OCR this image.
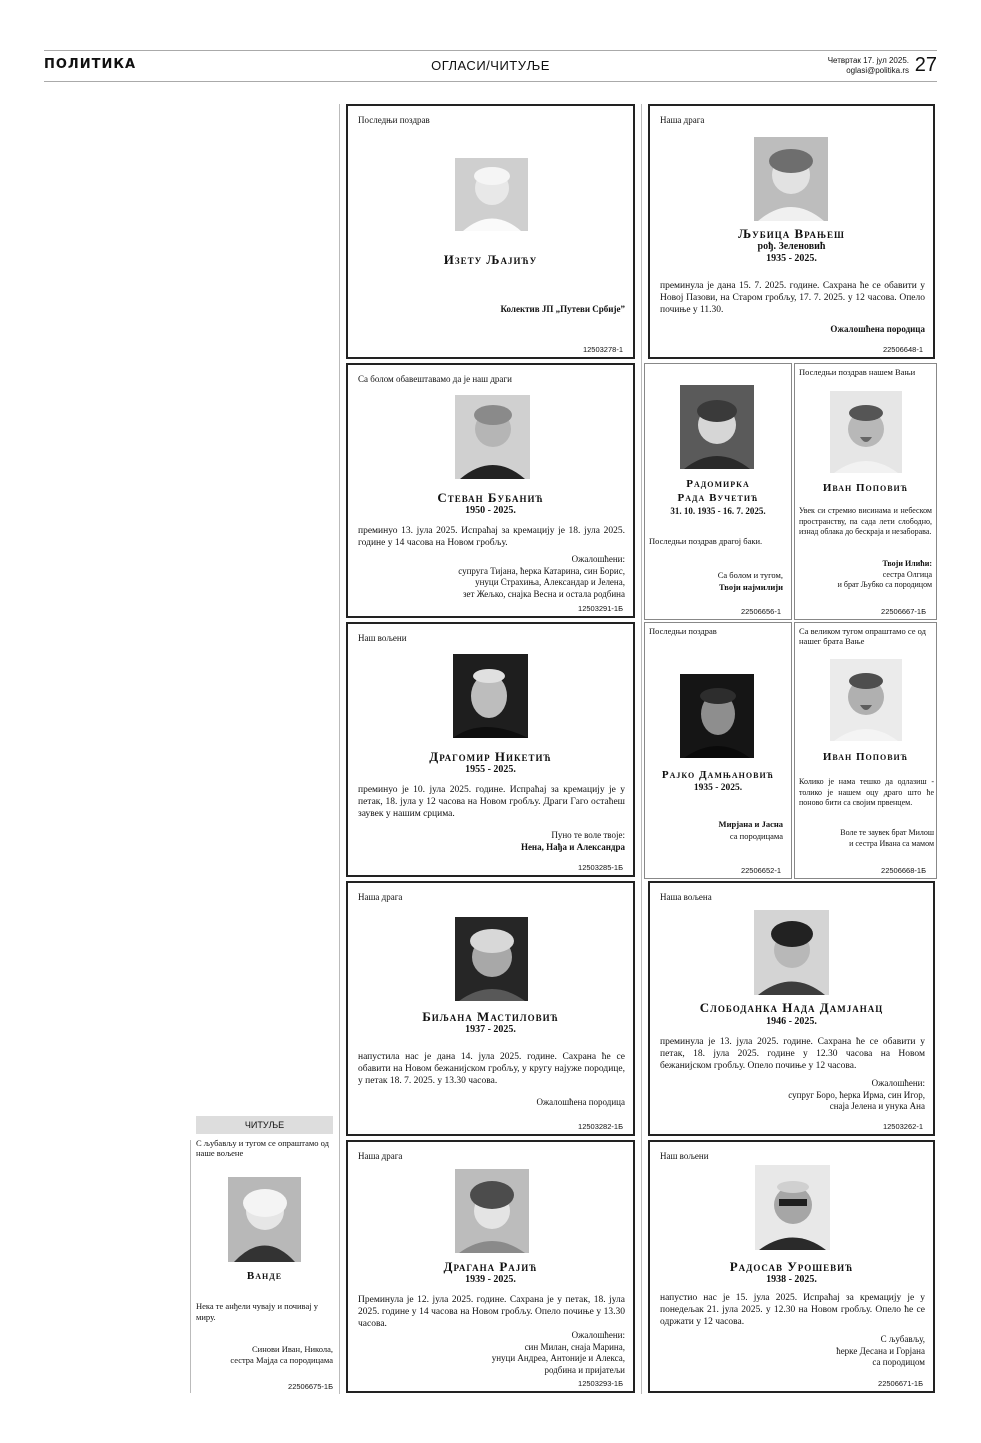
ПОЛИТИКА	ОГЛАСИ/ЧИТУЉЕ	Четвртак 17. јул 2025.
oglasi@politika.rs 27
ЧИТУЉЕ
С љубављу и тугом се опраштамо од наше вољене
Ванде
Нека те анђели чувају и почивај у миру.
Синови Иван, Никола,
сестра Мајда са породицама
22506675-1Б
Последњи поздрав
Изету Љајићу
Колектив ЈП „Путеви Србије”
12503278-1
Наша драга
Љубица Врањеш
рођ. Зеленовић
1935 - 2025.
преминула је дана 15. 7. 2025. године. Сахрана ће се обавити у Новој Пазови, на Старом гробљу, 17. 7. 2025. у 12 часова. Опело почиње у 11.30.
Ожалошћена породица
22506648-1
Са болом обавештавамо да је наш драги
Стеван Бубанић
1950 - 2025.
преминуо 13. јула 2025. Испраћај за кремацију је 18. јула 2025. године у 14 часова на Новом гробљу.
Ожалошћени:
супруга Тијана, ћерка Катарина, син Борис,
унуци Страхиња, Александар и Јелена,
зет Жељко, снајка Весна и остала родбина
12503291-1Б
Радомирка
Рада Вучетић
31. 10. 1935 - 16. 7. 2025.
Последњи поздрав драгој баки.
Са болом и тугом,
Твоји најмилији
22506656-1
Последњи поздрав нашем Вањи
Иван Поповић
Увек си стремио висинама и небеском пространству, па сада лети слободно, изнад облака до бескраја и незаборава.
Твоји Илићи:
сестра Олгица
и брат Љубко са породицом
22506667-1Б
Наш вољени
Драгомир Никетић
1955 - 2025.
преминуо је 10. јула 2025. године. Испраћај за кремацију је у петак, 18. јула у 12 часова на Новом гробљу. Драги Гаго остаћеш заувек у нашим срцима.
Пуно те воле твоје:
Нена, Нађа и Александра
12503285-1Б
Последњи поздрав
Рајко Дамњановић
1935 - 2025.
Мирјана и Јасна
са породицама
22506652-1
Са великом тугом опраштамо се од нашег брата Вање
Иван Поповић
Колико је нама тешко да одлазиш - толико је нашем оцу драго што ће поново бити са својим првенцем.
Воле те заувек брат Милош
и сестра Ивана са мамом
22506668-1Б
Наша драга
Биљана Мастиловић
1937 - 2025.
напустила нас је дана 14. јула 2025. године. Сахрана ће се обавити на Новом бежанијском гробљу, у кругу најуже породице, у петак 18. 7. 2025. у 13.30 часова.
Ожалошћена породица
12503282-1Б
Наша вољена
Слободанка Нада Дамјанац
1946 - 2025.
преминула је 13. јула 2025. године. Сахрана ће се обавити у петак, 18. јула 2025. године у 12.30 часова на Новом бежанијском гробљу. Опело почиње у 12 часова.
Ожалошћени:
супруг Боро, ћерка Ирма, син Игор,
снаја Јелена и унука Ана
12503262-1
Наша драга
Драгана Рајић
1939 - 2025.
Преминула је 12. јула 2025. године. Сахрана је у петак, 18. јула 2025. године у 14 часова на Новом гробљу. Опело почиње у 13.30 часова.
Ожалошћени:
син Милан, снаја Марина,
унуци Андреа, Антоније и Алекса,
родбина и пријатељи
12503293-1Б
Наш вољени
Радосав Урошевић
1938 - 2025.
напустио нас је 15. јула 2025. Испраћај за кремацију је у понедељак 21. јула 2025. у 12.30 на Новом гробљу. Опело ће се одржати у 12 часова.
С љубављу,
ћерке Десана и Горјана
са породицом
22506671-1Б
